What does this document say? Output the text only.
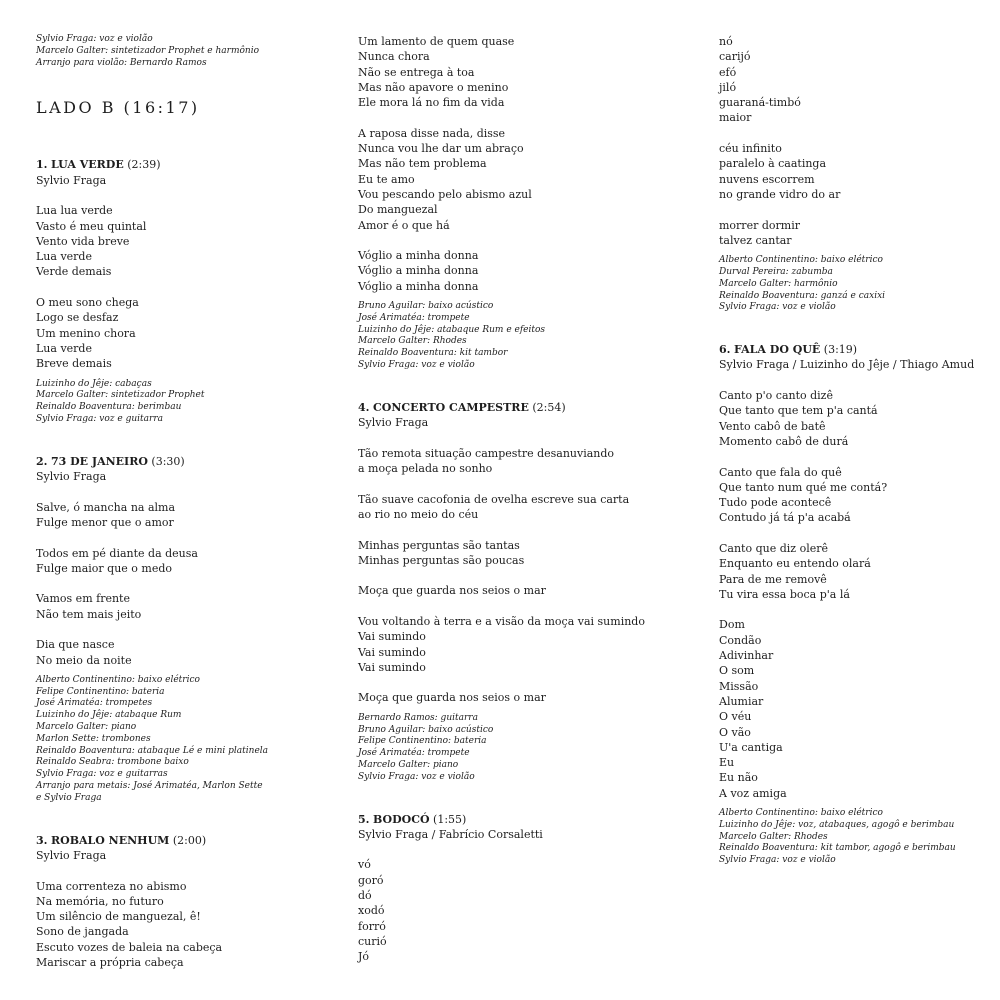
Sylvio Fraga: voz e violão
Marcelo Galter: sintetizador Prophet e harmônio
Arranjo para violão: Bernardo Ramos
LADO B (16:17)
1. LUA VERDE (2:39)
Sylvio Fraga
Lua lua verde
Vasto é meu quintal
Vento vida breve
Lua verde
Verde demais
O meu sono chega
Logo se desfaz
Um menino chora
Lua verde
Breve demais
Luizinho do Jêje: cabaças
Marcelo Galter: sintetizador Prophet
Reinaldo Boaventura: berimbau
Sylvio Fraga: voz e guitarra
2. 73 DE JANEIRO (3:30)
Sylvio Fraga
Salve, ó mancha na alma
Fulge menor que o amor
Todos em pé diante da deusa
Fulge maior que o medo
Vamos em frente
Não tem mais jeito
Dia que nasce
No meio da noite
Alberto Continentino: baixo elétrico
Felipe Continentino: bateria
José Arimatéa: trompetes
Luizinho do Jêje: atabaque Rum
Marcelo Galter: piano
Marlon Sette: trombones
Reinaldo Boaventura: atabaque Lé e mini platinela
Reinaldo Seabra: trombone baixo
Sylvio Fraga: voz e guitarras
Arranjo para metais: José Arimatéa, Marlon Sette
e Sylvio Fraga
3. ROBALO NENHUM (2:00)
Sylvio Fraga
Uma correnteza no abismo
Na memória, no futuro
Um silêncio de manguezal, ê!
Sono de jangada
Escuto vozes de baleia na cabeça
Mariscar a própria cabeça
Um lamento de quem quase
Nunca chora
Não se entrega à toa
Mas não apavore o menino
Ele mora lá no fim da vida
A raposa disse nada, disse
Nunca vou lhe dar um abraço
Mas não tem problema
Eu te amo
Vou pescando pelo abismo azul
Do manguezal
Amor é o que há
Vóglio a minha donna
Vóglio a minha donna
Vóglio a minha donna
Bruno Aguilar: baixo acústico
José Arimatéa: trompete
Luizinho do Jêje: atabaque Rum e efeitos
Marcelo Galter: Rhodes
Reinaldo Boaventura: kit tambor
Sylvio Fraga: voz e violão
4. CONCERTO CAMPESTRE (2:54)
Sylvio Fraga
Tão remota situação campestre desanuviando
a moça pelada no sonho
Tão suave cacofonia de ovelha escreve sua carta
ao rio no meio do céu
Minhas perguntas são tantas
Minhas perguntas são poucas
Moça que guarda nos seios o mar
Vou voltando à terra e a visão da moça vai sumindo
Vai sumindo
Vai sumindo
Vai sumindo
Moça que guarda nos seios o mar
Bernardo Ramos: guitarra
Bruno Aguilar: baixo acústico
Felipe Continentino: bateria
José Arimatéa: trompete
Marcelo Galter: piano
Sylvio Fraga: voz e violão
5. BODOCÓ (1:55)
Sylvio Fraga / Fabrício Corsaletti
vó
goró
dó
xodó
forró
curió
Jó
nó
carijó
efó
jiló
guaraná-timbó
maior
céu infinito
paralelo à caatinga
nuvens escorrem
no grande vidro do ar
morrer dormir
talvez cantar
Alberto Continentino: baixo elétrico
Durval Pereira: zabumba
Marcelo Galter: harmônio
Reinaldo Boaventura: ganzá e caxixi
Sylvio Fraga: voz e violão
6. FALA DO QUÊ (3:19)
Sylvio Fraga / Luizinho do Jêje / Thiago Amud
Canto p'o canto dizê
Que tanto que tem p'a cantá
Vento cabô de batê
Momento cabô de durá
Canto que fala do quê
Que tanto num qué me contá?
Tudo pode acontecê
Contudo já tá p'a acabá
Canto que diz olerê
Enquanto eu entendo olará
Para de me removê
Tu vira essa boca p'a lá
Dom
Condão
Adivinhar
O som
Missão
Alumiar
O véu
O vão
U'a cantiga
Eu
Eu não
A voz amiga
Alberto Continentino: baixo elétrico
Luizinho do Jêje: voz, atabaques, agogô e berimbau
Marcelo Galter: Rhodes
Reinaldo Boaventura: kit tambor, agogô e berimbau
Sylvio Fraga: voz e violão
